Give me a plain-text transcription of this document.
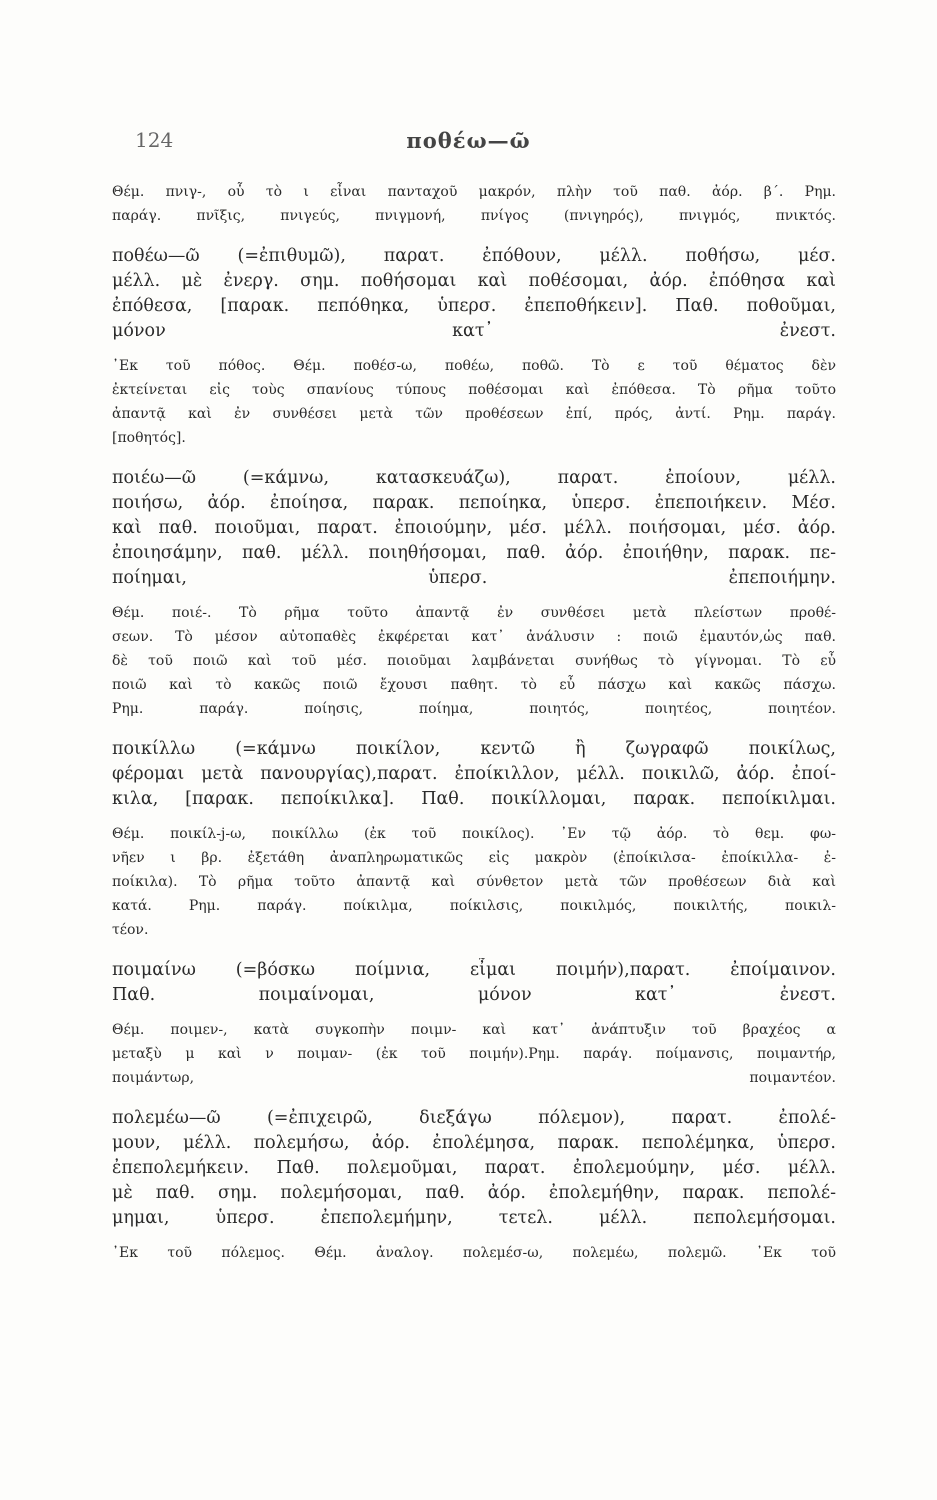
124	ποθέω—ῶ
Θέμ. πνιγ-, οὗ τὸ ι εἶναι πανταχοῦ μακρόν, πλὴν τοῦ παθ. ἀόρ. β΄. Ρημ.
παράγ. πνῖξις, πνιγεύς, πνιγμονή, πνίγος (πνιγηρός), πνιγμός, πνικτός.
ποθέω—ῶ (=ἐπιθυμῶ), παρατ. ἐπόθουν, μέλλ. ποθήσω, μέσ.
μέλλ. μὲ ἐνεργ. σημ. ποθήσομαι καὶ ποθέσομαι, ἀόρ. ἐπόθησα καὶ
ἐπόθεσα, [παρακ. πεπόθηκα, ὑπερσ. ἐπεποθήκειν]. Παθ. ποθοῦμαι,
μόνον κατ᾽ ἐνεστ.
᾽Εκ τοῦ πόθος. Θέμ. ποθέσ-ω, ποθέω, ποθῶ. Τὸ ε τοῦ θέματος δὲν
ἐκτείνεται εἰς τοὺς σπανίους τύπους ποθέσομαι καὶ ἐπόθεσα. Τὸ ρῆμα τοῦτο
ἀπαντᾷ καὶ ἐν συνθέσει μετὰ τῶν προθέσεων ἐπί, πρός, ἀντί. Ρημ. παράγ.
[ποθητός].
ποιέω—ῶ (=κάμνω, κατασκευάζω), παρατ. ἐποίουν, μέλλ.
ποιήσω, ἀόρ. ἐποίησα, παρακ. πεποίηκα, ὑπερσ. ἐπεποιήκειν. Μέσ.
καὶ παθ. ποιοῦμαι, παρατ. ἐποιούμην, μέσ. μέλλ. ποιήσομαι, μέσ. ἀόρ.
ἐποιησάμην, παθ. μέλλ. ποιηθήσομαι, παθ. ἀόρ. ἐποιήθην, παρακ. πε-
ποίημαι, ὑπερσ. ἐπεποιήμην.
Θέμ. ποιέ-. Τὸ ρῆμα τοῦτο ἀπαντᾷ ἐν συνθέσει μετὰ πλείστων προθέ-
σεων. Τὸ μέσον αὐτοπαθὲς ἐκφέρεται κατ᾽ ἀνάλυσιν : ποιῶ ἐμαυτόν,ὡς παθ.
δὲ τοῦ ποιῶ καὶ τοῦ μέσ. ποιοῦμαι λαμβάνεται συνήθως τὸ γίγνομαι. Τὸ εὖ
ποιῶ καὶ τὸ κακῶς ποιῶ ἔχουσι παθητ. τὸ εὖ πάσχω καὶ κακῶς πάσχω.
Ρημ. παράγ. ποίησις, ποίημα, ποιητός, ποιητέος, ποιητέον.
ποικίλλω (=κάμνω ποικίλον, κεντῶ ἢ ζωγραφῶ ποικίλως,
φέρομαι μετὰ πανουργίας),παρατ. ἐποίκιλλον, μέλλ. ποικιλῶ, ἀόρ. ἐποί-
κιλα, [παρακ. πεποίκιλκα]. Παθ. ποικίλλομαι, παρακ. πεποίκιλμαι.
Θέμ. ποικίλ-j-ω, ποικίλλω (ἐκ τοῦ ποικίλος). ᾽Εν τῷ ἀόρ. τὸ θεμ. φω-
νῆεν ι βρ. ἐξετάθη ἀναπληρωματικῶς εἰς μακρὸν (ἐποίκιλσα- ἐποίκιλλα- ἐ-
ποίκιλα). Τὸ ρῆμα τοῦτο ἀπαντᾷ καὶ σύνθετον μετὰ τῶν προθέσεων διὰ καὶ
κατά. Ρημ. παράγ. ποίκιλμα, ποίκιλσις, ποικιλμός, ποικιλτής, ποικιλ-
τέον.
ποιμαίνω (=βόσκω ποίμνια, εἶμαι ποιμήν),παρατ. ἐποίμαινον.
Παθ. ποιμαίνομαι, μόνον κατ᾽ ἐνεστ.
Θέμ. ποιμεν-, κατὰ συγκοπὴν ποιμν- καὶ κατ᾽ ἀνάπτυξιν τοῦ βραχέος α
μεταξὺ μ καὶ ν ποιμαν- (ἐκ τοῦ ποιμήν).Ρημ. παράγ. ποίμανσις, ποιμαντήρ,
ποιμάντωρ, ποιμαντέον.
πολεμέω—ῶ (=ἐπιχειρῶ, διεξάγω πόλεμον), παρατ. ἐπολέ-
μουν, μέλλ. πολεμήσω, ἀόρ. ἐπολέμησα, παρακ. πεπολέμηκα, ὑπερσ.
ἐπεπολεμήκειν. Παθ. πολεμοῦμαι, παρατ. ἐπολεμούμην, μέσ. μέλλ.
μὲ παθ. σημ. πολεμήσομαι, παθ. ἀόρ. ἐπολεμήθην, παρακ. πεπολέ-
μημαι, ὑπερσ. ἐπεπολεμήμην, τετελ. μέλλ. πεπολεμήσομαι.
᾽Εκ τοῦ πόλεμος. Θέμ. ἀναλογ. πολεμέσ-ω, πολεμέω, πολεμῶ. ᾽Εκ τοῦ
